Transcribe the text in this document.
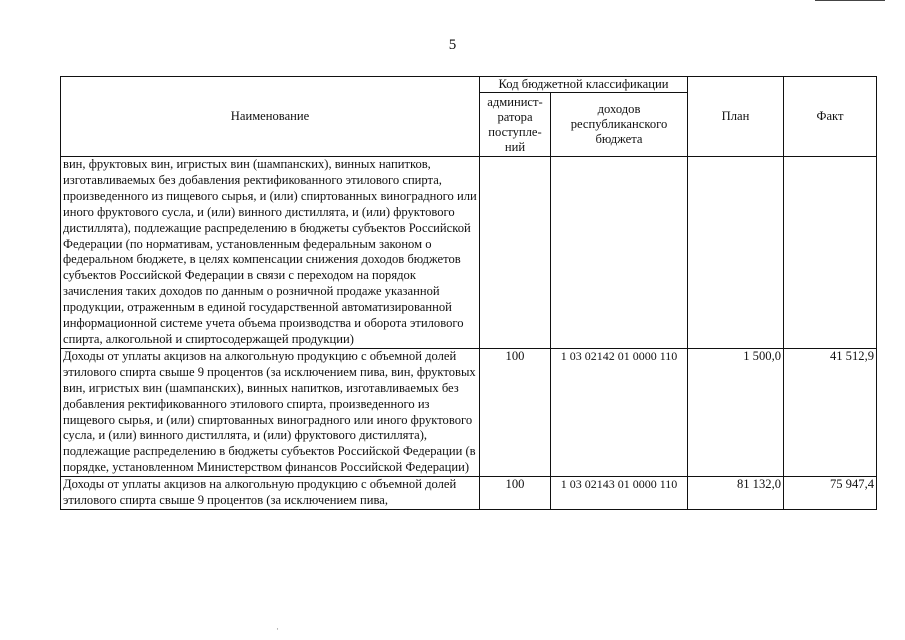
5
Наименование	Код бюджетной классификации		План	Факт
	админист-ратора поступле-ний	доходов республиканского бюджета		
вин, фруктовых вин, игристых вин (шампанских), винных напитков, изготавливаемых без добавления ректификованного этилового спирта, произведенного из пищевого сырья, и (или) спиртованных виноградного или иного фруктового сусла, и (или) винного дистиллята, и (или) фруктового дистиллята), подлежащие распределению в бюджеты субъектов Российской Федерации (по нормативам, установленным федеральным законом о федеральном бюджете, в целях компенсации снижения доходов бюджетов субъектов Российской Федерации в связи с переходом на порядок зачисления таких доходов по данным о розничной продаже указанной продукции, отраженным в единой государственной автоматизированной информационной системе учета объема производства и оборота этилового спирта, алкогольной и спиртосодержащей продукции)				
Доходы от уплаты акцизов на алкогольную продукцию с объемной долей этилового спирта свыше 9 процентов (за исключением пива, вин, фруктовых вин, игристых вин (шампанских), винных напитков, изготавливаемых без добавления ректификованного этилового спирта, произведенного из пищевого сырья, и (или) спиртованных виноградного или иного фруктового сусла, и (или) винного дистиллята, и (или) фруктового дистиллята), подлежащие распределению в бюджеты субъектов Российской Федерации (в порядке, установленном Министерством финансов Российской Федерации)	100	1 03 02142 01 0000 110	1 500,0	41 512,9
Доходы от уплаты акцизов на алкогольную продукцию с объемной долей этилового спирта свыше 9 процентов (за исключением пива,	100	1 03 02143 01 0000 110	81 132,0	75 947,4
·
